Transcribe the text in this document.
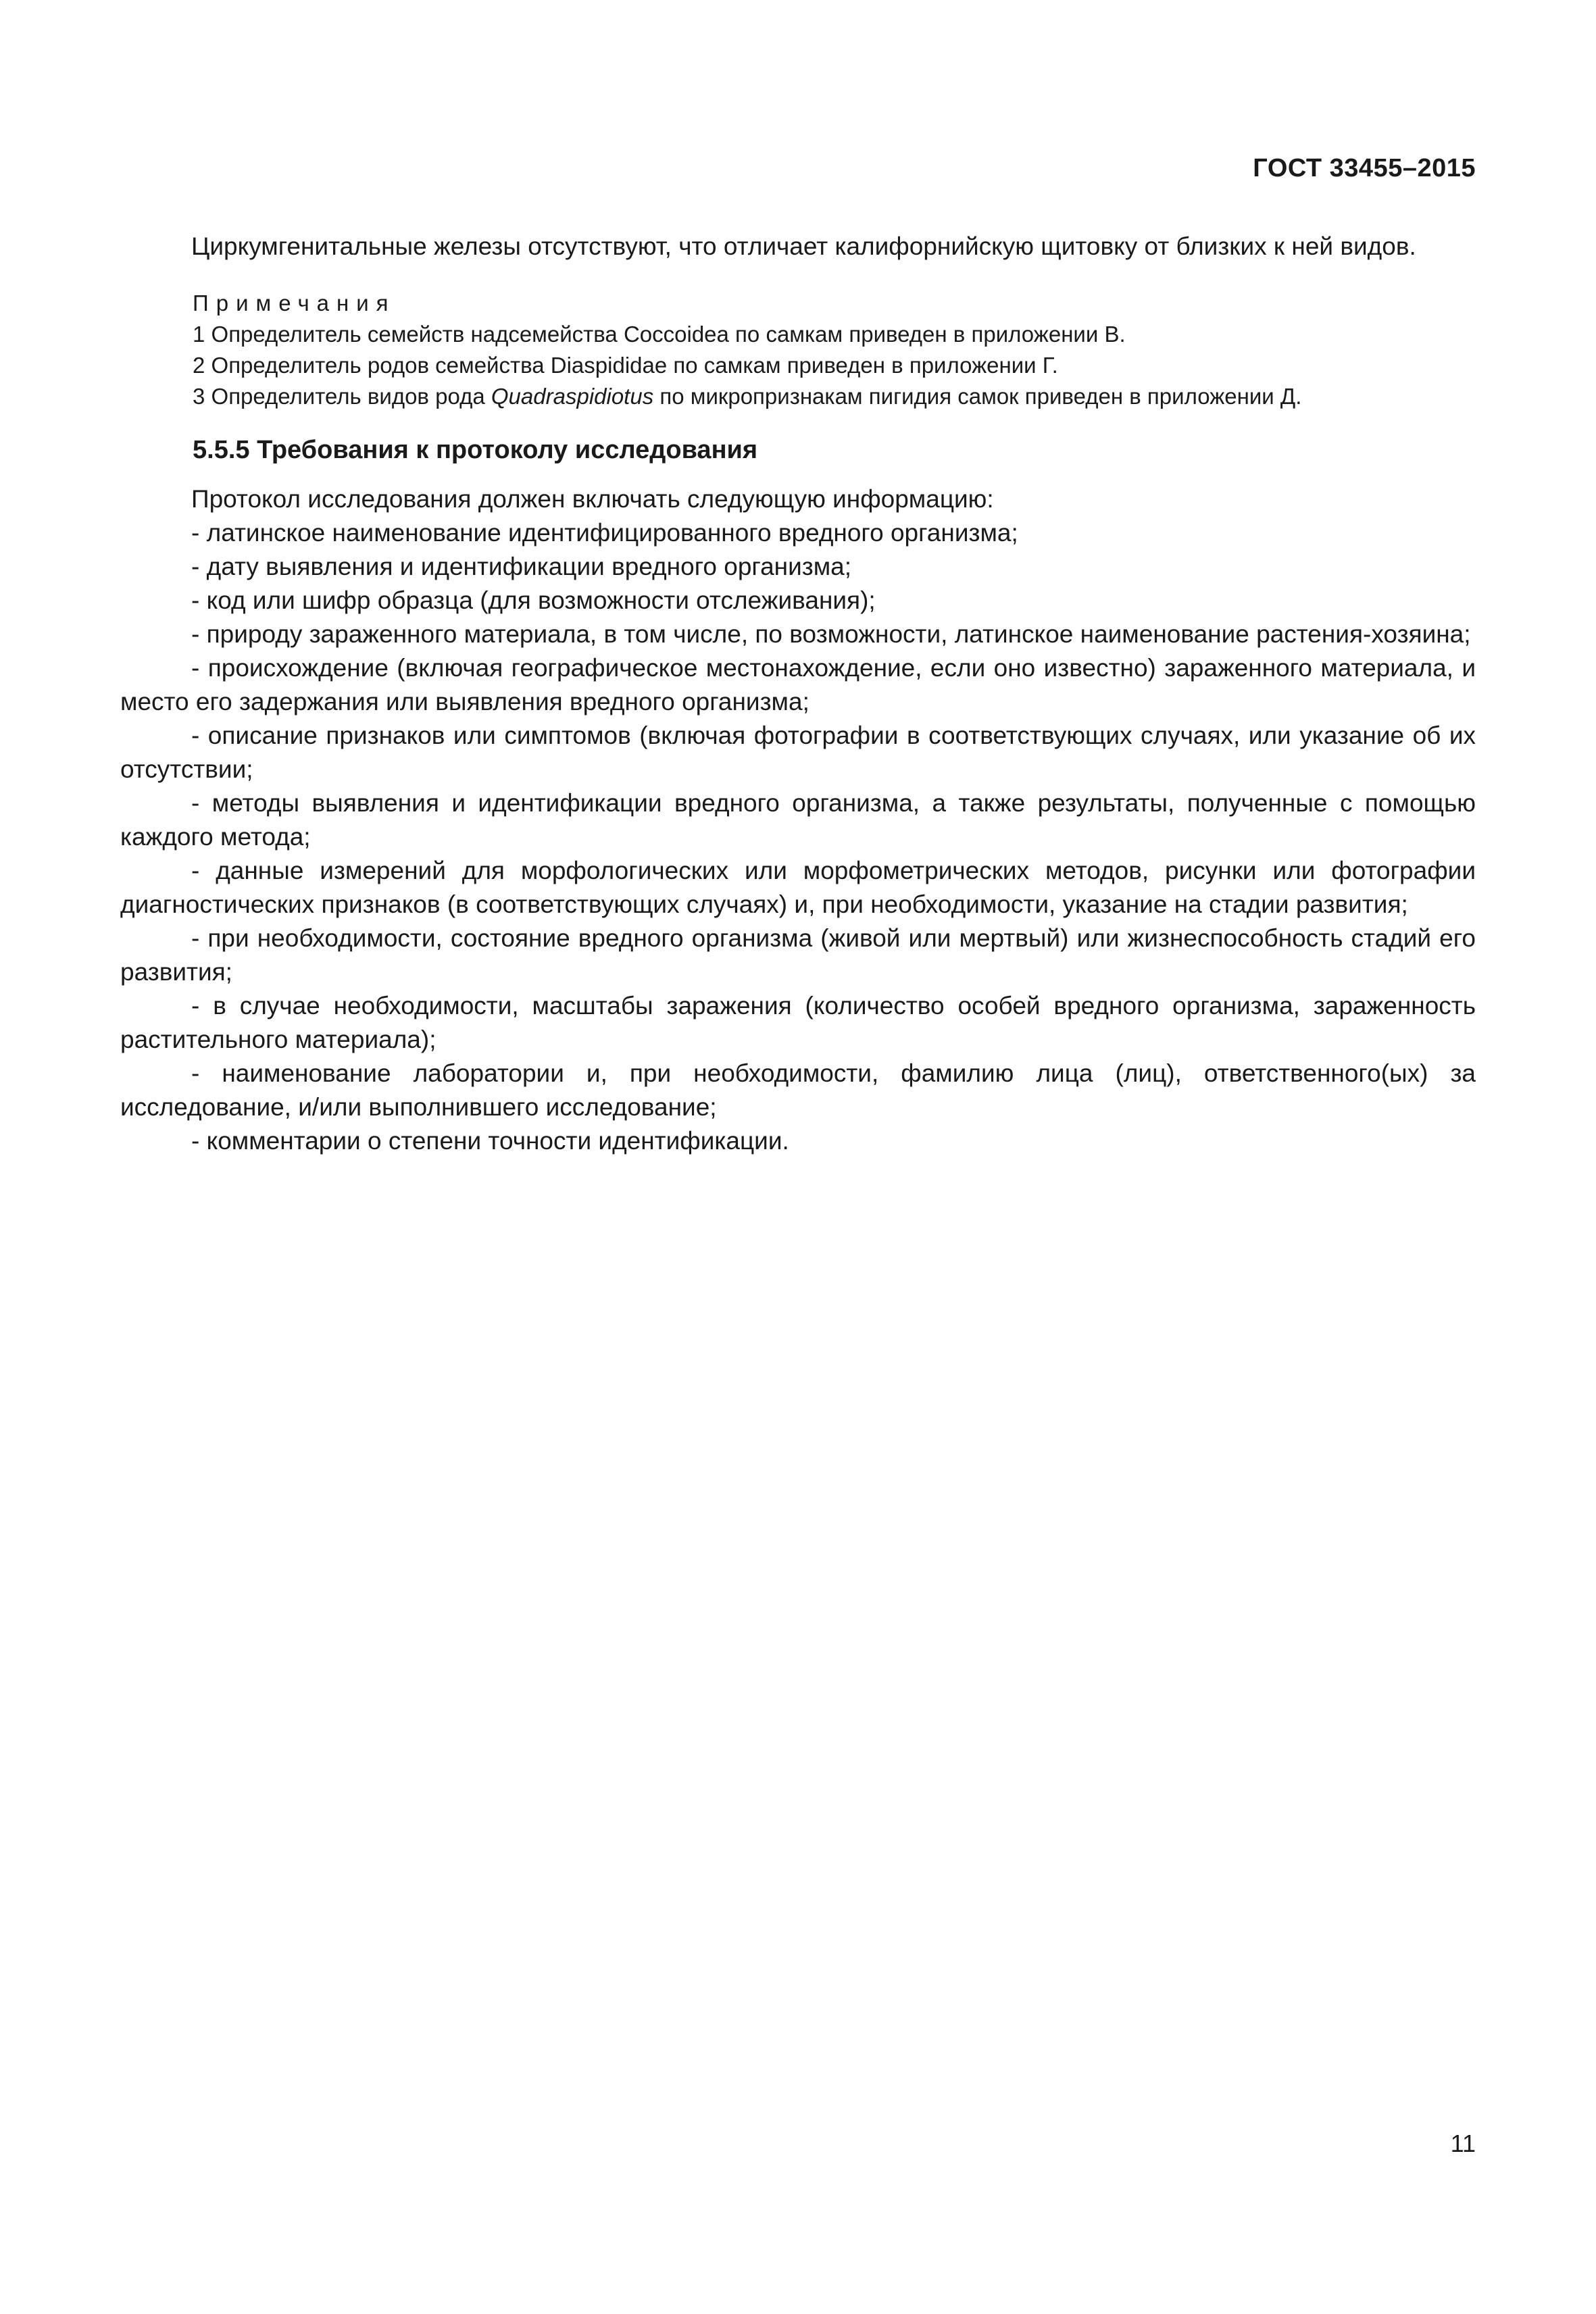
ГОСТ 33455–2015

Циркумгенитальные железы отсутствуют, что отличает калифорнийскую щитовку от близких к ней видов.

Примечания

1 Определитель семейств надсемейства Coccoidea по самкам приведен в приложении В.

2 Определитель родов семейства Diaspididae по самкам приведен в приложении Г.

3 Определитель видов рода Quadraspidiotus по микропризнакам пигидия самок приведен в приложении Д.

5.5.5 Требования к протоколу исследования

Протокол исследования должен включать следующую информацию:

- латинское наименование идентифицированного вредного организма;

- дату выявления и идентификации вредного организма;

- код или шифр образца (для возможности отслеживания);

- природу зараженного материала, в том числе, по возможности, латинское наименование растения-хозяина;

- происхождение (включая географическое местонахождение, если оно известно) зараженного материала, и место его задержания или выявления вредного организма;

- описание признаков или симптомов (включая фотографии в соответствующих случаях, или указание об их отсутствии;

- методы выявления и идентификации вредного организма, а также результаты, полученные с помощью каждого метода;

- данные измерений для морфологических или морфометрических методов, рисунки или фотографии диагностических признаков (в соответствующих случаях) и, при необходимости, указание на стадии развития;

- при необходимости, состояние вредного организма (живой или мертвый) или жизнеспособность стадий его развития;

- в случае необходимости, масштабы заражения (количество особей вредного организма, зараженность растительного материала);

- наименование лаборатории и, при необходимости, фамилию лица (лиц), ответственного(ых) за исследование, и/или выполнившего исследование;

- комментарии о степени точности идентификации.

11
